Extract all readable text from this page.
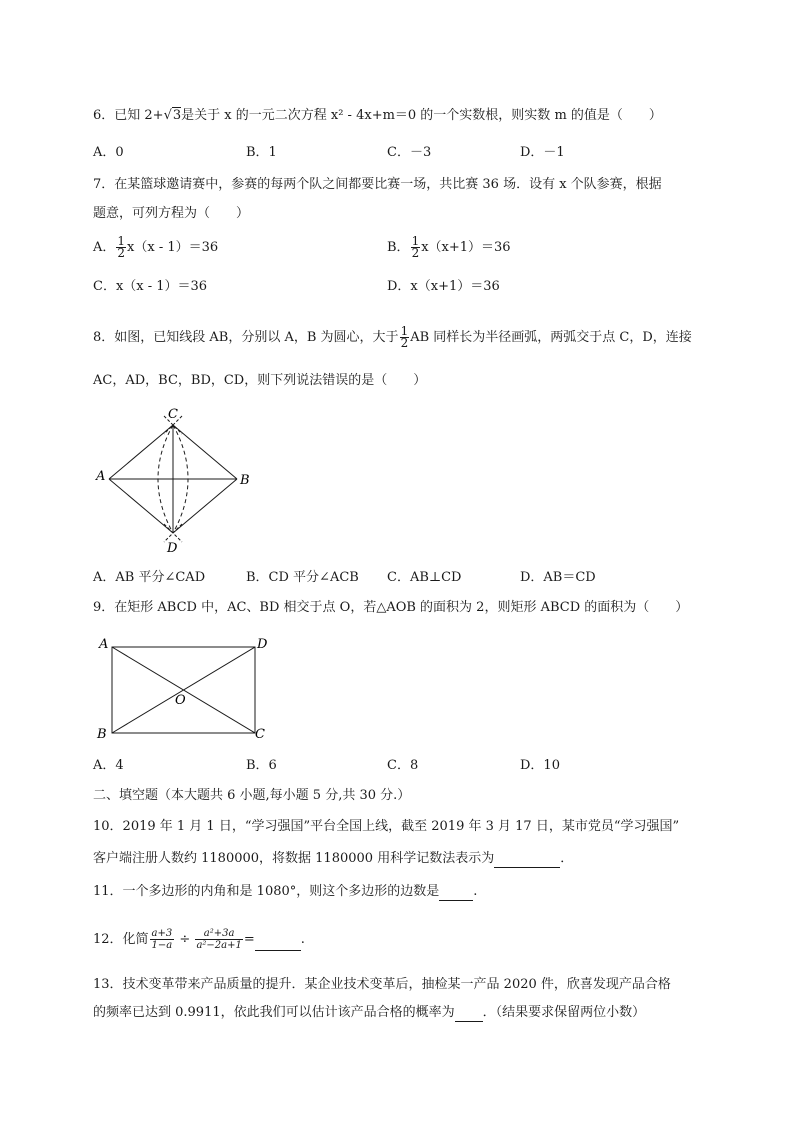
6．已知 2+√3是关于 x 的一元二次方程 x² - 4x+m＝0 的一个实数根，则实数 m 的值是（　　）
A．0	B．1	C．－3	D．－1
7．在某篮球邀请赛中，参赛的每两个队之间都要比赛一场，共比赛 36 场．设有 x 个队参赛，根据
题意，可列方程为（　　）
A． $\frac{1}{2} x(x - 1)=36$	B． $\frac{1}{2} x(x+1)=36$
C．x（x - 1）＝36	D．x（x+1）＝36
8．如图，已知线段 AB，分别以 A，B 为圆心，大于 $\frac{1}{2}$ AB 同样长为半径画弧，两弧交于点 C，D，连接
AC，AD，BC，BD，CD，则下列说法错误的是（　　）
A	B
C
D
A．AB 平分∠CAD	B．CD 平分∠ACB C．AB⊥CD	D．AB＝CD
9．在矩形 ABCD 中，AC、BD 相交于点 O，若△AOB 的面积为 2，则矩形 ABCD 的面积为（　　）
A	D
B	C
O
A．4	B．6	C．8	D．10
二、填空题（本大题共 6 小题,每小题 5 分,共 30 分.）
10．2019 年 1 月 1 日，“学习强国”平台全国上线，截至 2019 年 3 月 17 日，某市党员“学习强国”
客户端注册人数约 1180000，将数据 1180000 用科学记数法表示为	．
11．一个多边形的内角和是 1080°，则这个多边形的边数是	.
12．化简 $\frac{a+3}{1-a} \div \frac{\text{a²+3a}}{\text{a²−2a+1}}$ =	.
13．技术变革带来产品质量的提升．某企业技术变革后，抽检某一产品 2020 件，欣喜发现产品合格
的频率已达到 0.9911，依此我们可以估计该产品合格的概率为 ．（结果要求保留两位小数）
